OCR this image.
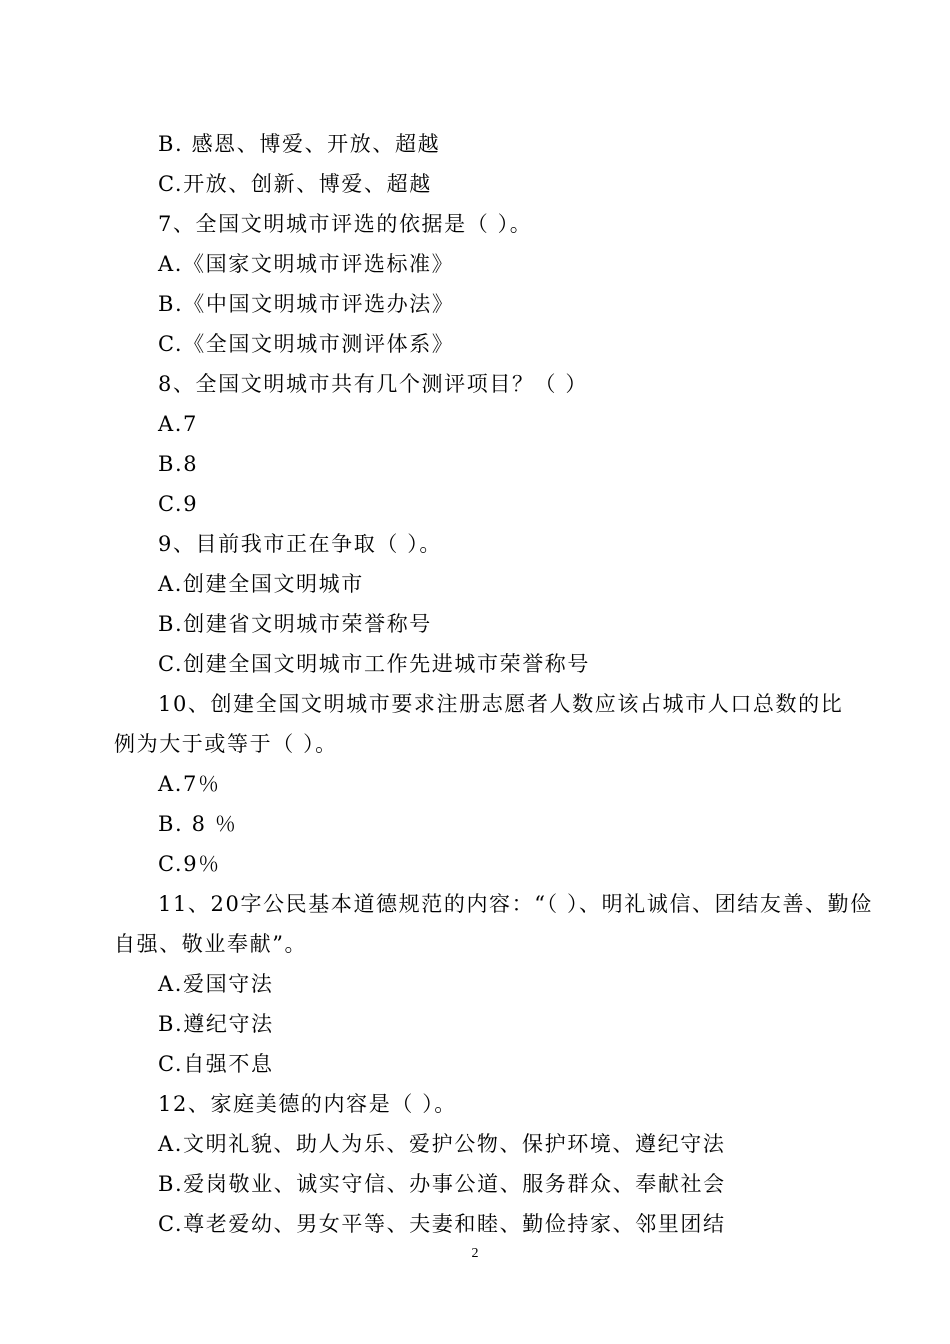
B. 感恩、博爱、开放、超越
C.开放、创新、博爱、超越
7、全国文明城市评选的依据是（ ）。
A.《国家文明城市评选标准》
B.《中国文明城市评选办法》
C.《全国文明城市测评体系》
8、全国文明城市共有几个测评项目？（ ）
A.7
B.8
C.9
9、目前我市正在争取（ ）。
A.创建全国文明城市
B.创建省文明城市荣誉称号
C.创建全国文明城市工作先进城市荣誉称号
10、创建全国文明城市要求注册志愿者人数应该占城市人口总数的比
例为大于或等于（ ）。
A.7％
B. 8 ％
C.9％
11、20字公民基本道德规范的内容：“（ ）、明礼诚信、团结友善、勤俭
自强、敬业奉献”。
A.爱国守法
B.遵纪守法
C.自强不息
12、家庭美德的内容是（ ）。
A.文明礼貌、助人为乐、爱护公物、保护环境、遵纪守法
B.爱岗敬业、诚实守信、办事公道、服务群众、奉献社会
C.尊老爱幼、男女平等、夫妻和睦、勤俭持家、邻里团结
2
